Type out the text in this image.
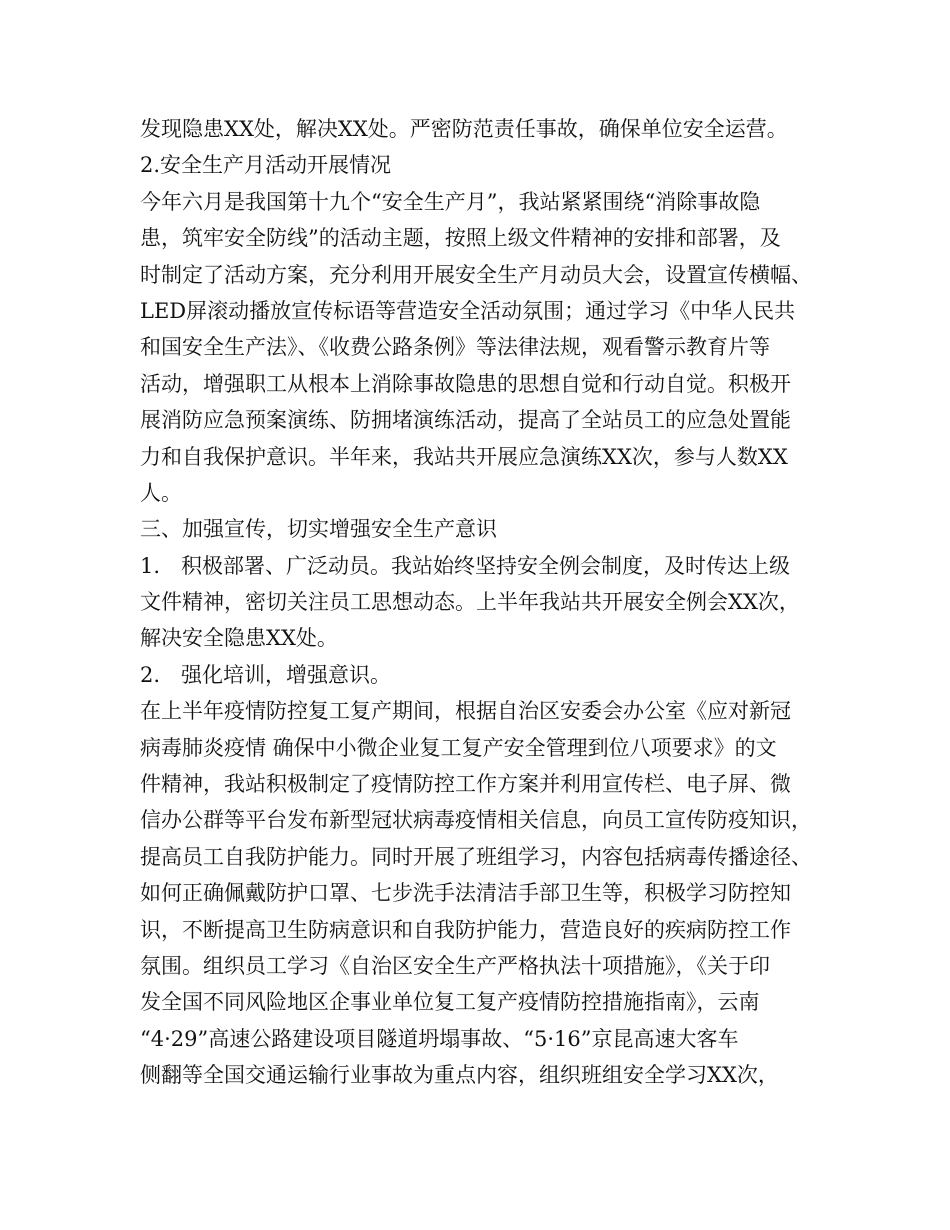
发现隐患XX处，解决XX处。严密防范责任事故，确保单位安全运营。
2.安全生产月活动开展情况
今年六月是我国第十九个“安全生产月”，我站紧紧围绕“消除事故隐
患，筑牢安全防线”的活动主题，按照上级文件精神的安排和部署，及
时制定了活动方案，充分利用开展安全生产月动员大会，设置宣传横幅、
LED屏滚动播放宣传标语等营造安全活动氛围；通过学习《中华人民共
和国安全生产法》、《收费公路条例》等法律法规，观看警示教育片等
活动，增强职工从根本上消除事故隐患的思想自觉和行动自觉。积极开
展消防应急预案演练、防拥堵演练活动，提高了全站员工的应急处置能
力和自我保护意识。半年来，我站共开展应急演练XX次，参与人数XX
人。
三、加强宣传，切实增强安全生产意识
1.　积极部署、广泛动员。我站始终坚持安全例会制度，及时传达上级
文件精神，密切关注员工思想动态。上半年我站共开展安全例会XX次，
解决安全隐患XX处。
2.　强化培训，增强意识。
在上半年疫情防控复工复产期间，根据自治区安委会办公室《应对新冠
病毒肺炎疫情 确保中小微企业复工复产安全管理到位八项要求》的文
件精神，我站积极制定了疫情防控工作方案并利用宣传栏、电子屏、微
信办公群等平台发布新型冠状病毒疫情相关信息，向员工宣传防疫知识，
提高员工自我防护能力。同时开展了班组学习，内容包括病毒传播途径、
如何正确佩戴防护口罩、七步洗手法清洁手部卫生等，积极学习防控知
识，不断提高卫生防病意识和自我防护能力，营造良好的疾病防控工作
氛围。组织员工学习《自治区安全生产严格执法十项措施》，《关于印
发全国不同风险地区企事业单位复工复产疫情防控措施指南》，云南
“4·29”高速公路建设项目隧道坍塌事故、“5·16”京昆高速大客车
侧翻等全国交通运输行业事故为重点内容，组织班组安全学习XX次，
